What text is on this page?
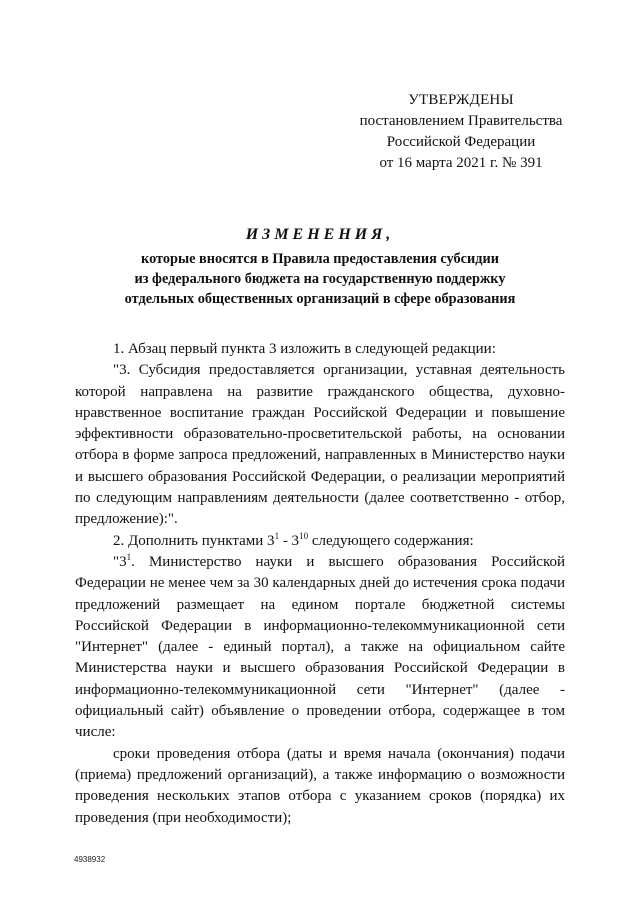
УТВЕРЖДЕНЫ
постановлением Правительства
Российской Федерации
от 16 марта 2021 г. № 391
ИЗМЕНЕНИЯ,
которые вносятся в Правила предоставления субсидии
из федерального бюджета на государственную поддержку
отдельных общественных организаций в сфере образования

1. Абзац первый пункта 3 изложить в следующей редакции:

"3. Субсидия предоставляется организации, уставная деятельность которой направлена на развитие гражданского общества, духовно-нравственное воспитание граждан Российской Федерации и повышение эффективности образовательно-просветительской работы, на основании отбора в форме запроса предложений, направленных в Министерство науки и высшего образования Российской Федерации, о реализации мероприятий по следующим направлениям деятельности (далее соответственно - отбор, предложение):".

2. Дополнить пунктами $3^1 - 3^{10}$ следующего содержания:

"$3^1$. Министерство науки и высшего образования Российской Федерации не менее чем за 30 календарных дней до истечения срока подачи предложений размещает на едином портале бюджетной системы Российской Федерации в информационно-телекоммуникационной сети "Интернет" (далее - единый портал), а также на официальном сайте Министерства науки и высшего образования Российской Федерации в информационно-телекоммуникационной сети "Интернет" (далее - официальный сайт) объявление о проведении отбора, содержащее в том числе:

сроки проведения отбора (даты и время начала (окончания) подачи (приема) предложений организаций), а также информацию о возможности проведения нескольких этапов отбора с указанием сроков (порядка) их проведения (при необходимости);

4938932
